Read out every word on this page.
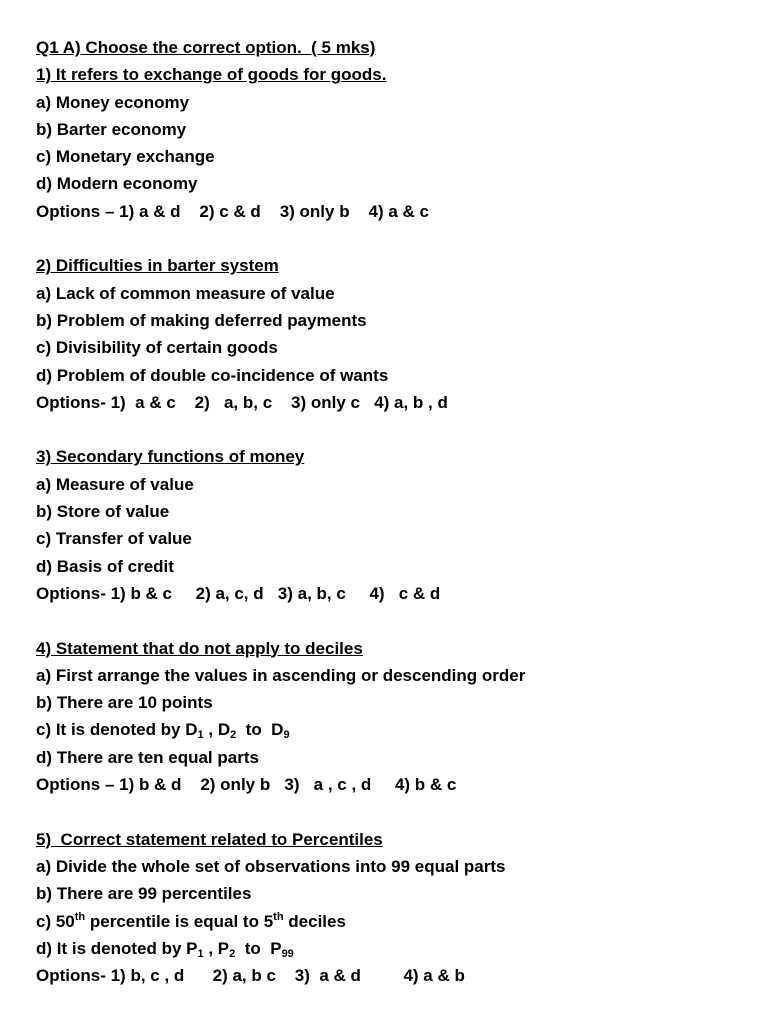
Q1 A) Choose the correct option.  ( 5 mks)
1) It refers to exchange of goods for goods.
a) Money economy
b) Barter economy
c) Monetary exchange
d) Modern economy
Options – 1) a & d    2) c & d    3) only b    4) a & c
2) Difficulties in barter system
a) Lack of common measure of value
b) Problem of making deferred payments
c) Divisibility of certain goods
d) Problem of double co-incidence of wants
Options- 1)  a & c    2)   a, b, c    3) only c   4) a, b , d
3) Secondary functions of money
a) Measure of value
b) Store of value
c) Transfer of value
d) Basis of credit
Options- 1) b & c     2) a, c, d   3) a, b, c     4)   c & d
4) Statement that do not apply to deciles
a) First arrange the values in ascending or descending order
b) There are 10 points
c) It is denoted by $D_1$ , $D_2$  to  $D_9$
d) There are ten equal parts
Options – 1) b & d    2) only b   3)   a , c , d     4) b & c
5)  Correct statement related to Percentiles
a) Divide the whole set of observations into 99 equal parts
b) There are 99 percentiles
c) 50th percentile is equal to 5th deciles
d) It is denoted by $P_1$ , $P_2$  to  $P_{99}$
Options- 1) b, c , d      2) a, b c    3)  a & d         4) a & b
